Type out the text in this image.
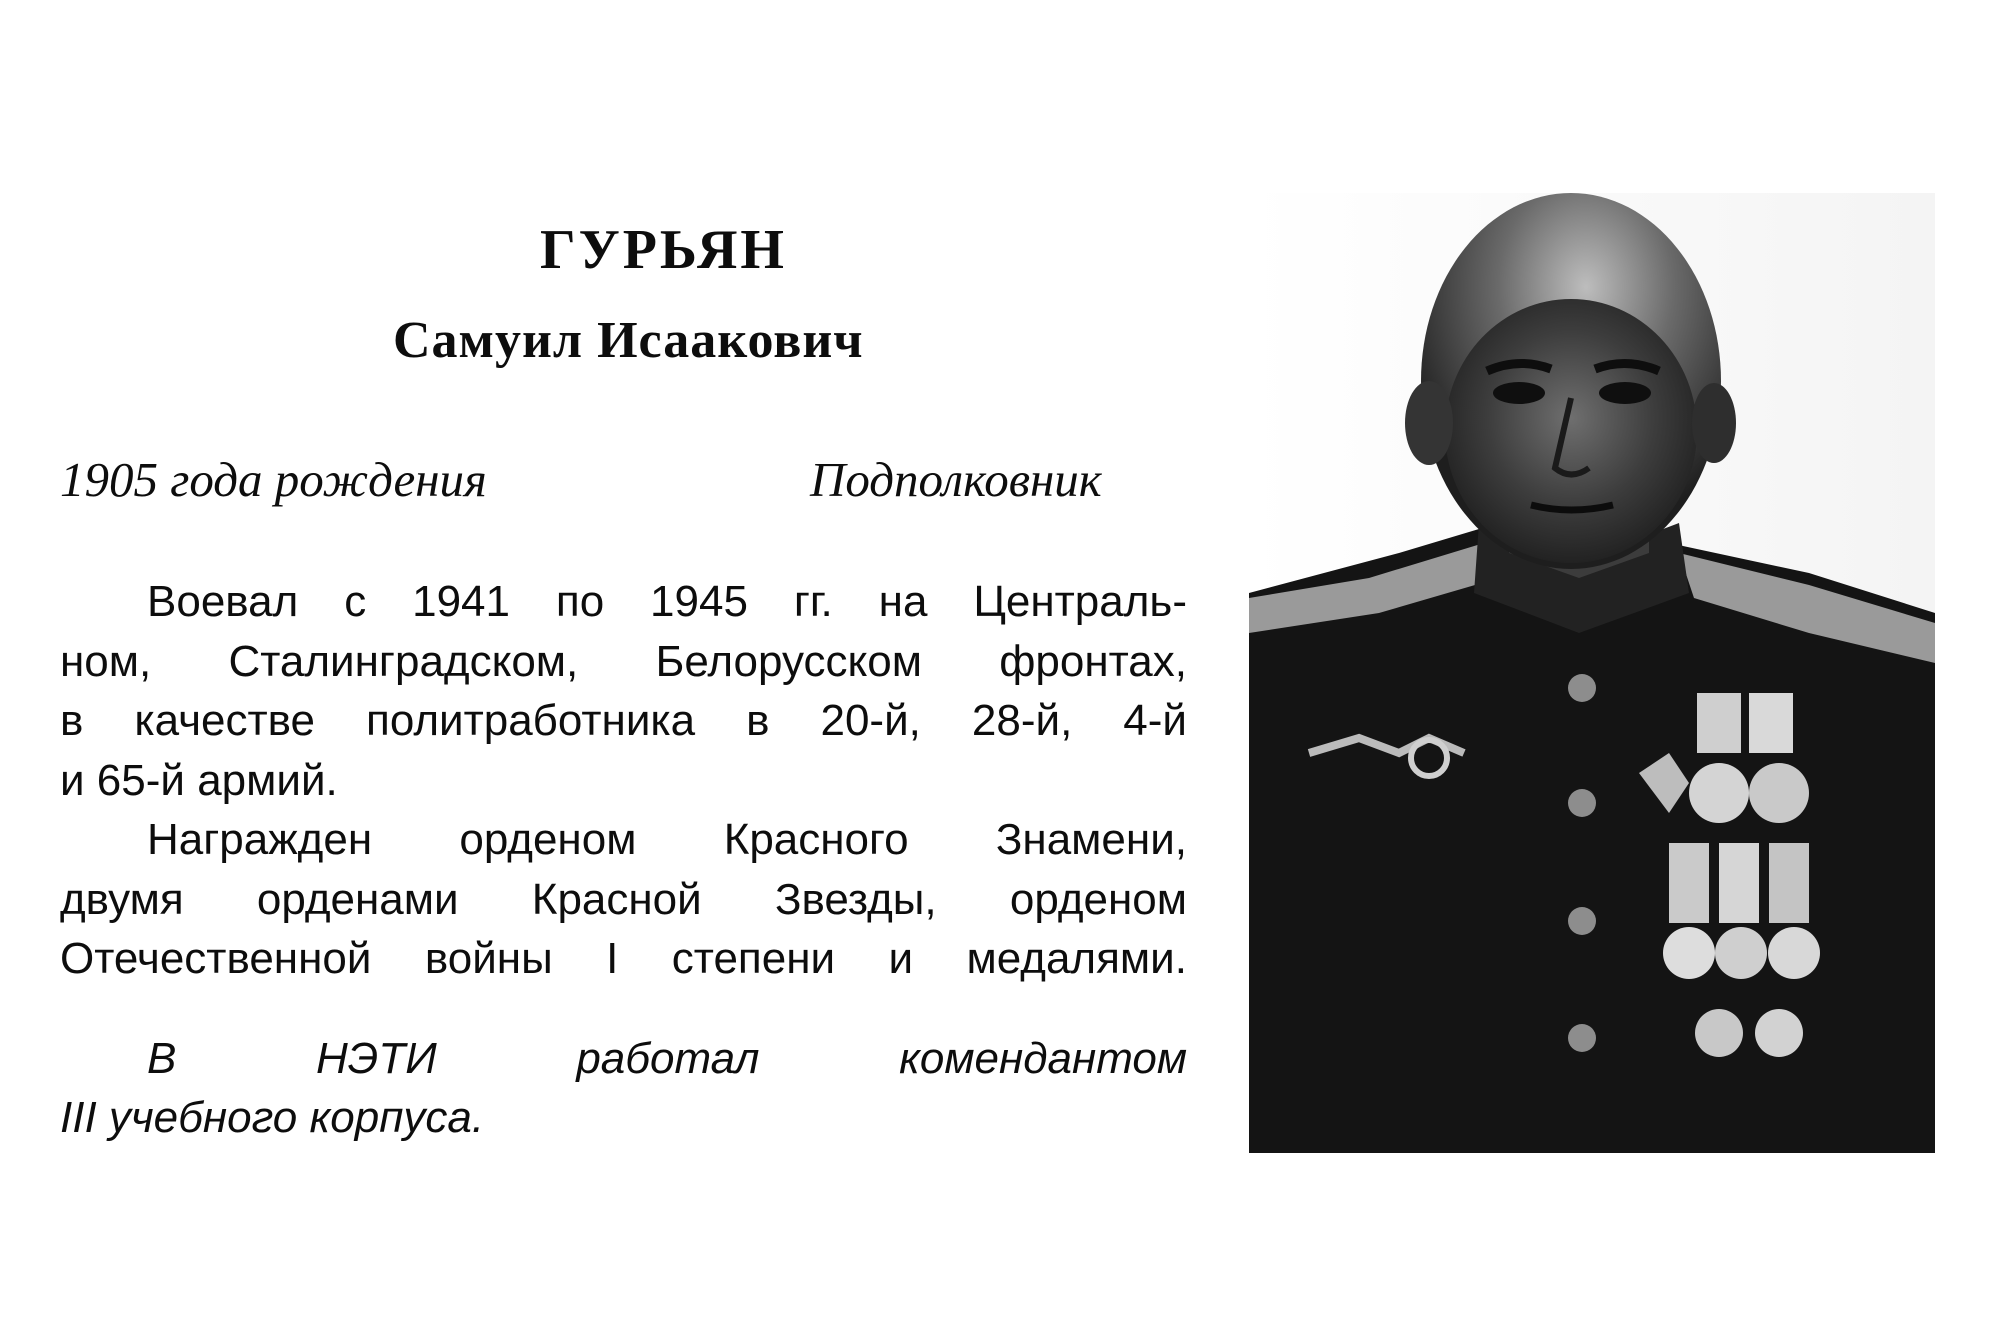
ГУРЬЯН
Самуил Исаакович
1905 года рождения	Подполковник
Воевал с 1941 по 1945 гг. на Централь-
ном, Сталинградском, Белорусском фронтах,
в качестве политработника в 20-й, 28-й, 4-й
и 65-й армий.
Награжден орденом Красного Знамени,
двумя орденами Красной Звезды, орденом
Отечественной войны I степени и медалями.
В НЭТИ работал комендантом
III учебного корпуса.
